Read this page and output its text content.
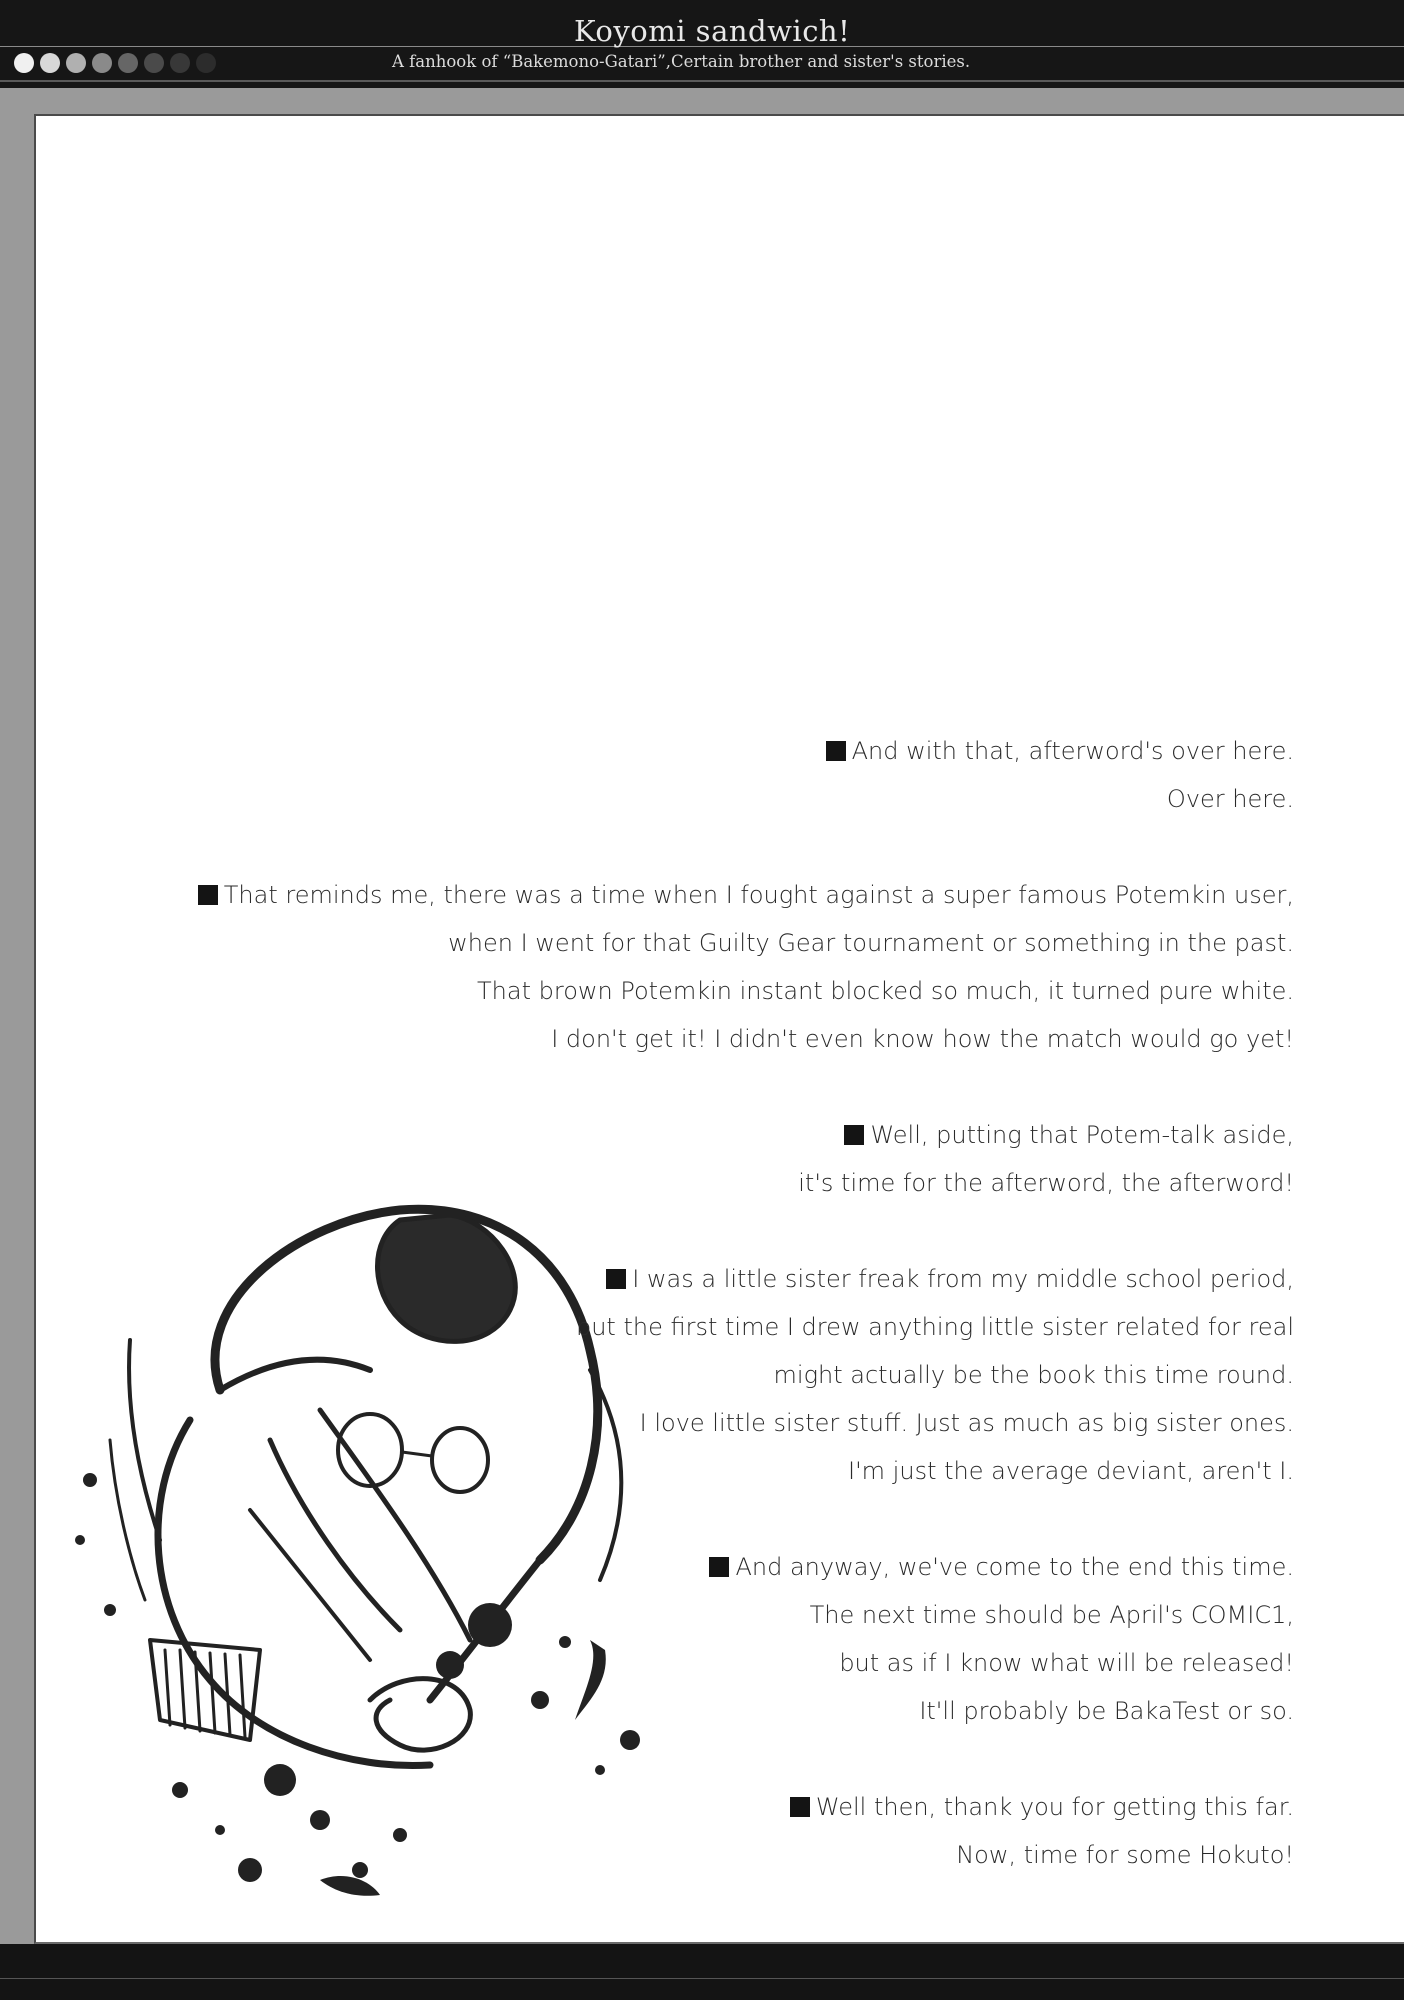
Koyomi sandwich!
A fanhook of “Bakemono-Gatari”,Certain brother and sister's stories.
And with that, afterword's over here.
Over here.
That reminds me, there was a time when I fought against a super famous Potemkin user,
when I went for that Guilty Gear tournament or something in the past.
That brown Potemkin instant blocked so much, it turned pure white.
I don't get it! I didn't even know how the match would go yet!
Well, putting that Potem-talk aside,
it's time for the afterword, the afterword!
I was a little sister freak from my middle school period,
but the first time I drew anything little sister related for real
might actually be the book this time round.
I love little sister stuff. Just as much as big sister ones.
I'm just the average deviant, aren't I.
And anyway, we've come to the end this time.
The next time should be April's COMIC1,
but as if I know what will be released!
It'll probably be BakaTest or so.
Well then, thank you for getting this far.
Now, time for some Hokuto!
